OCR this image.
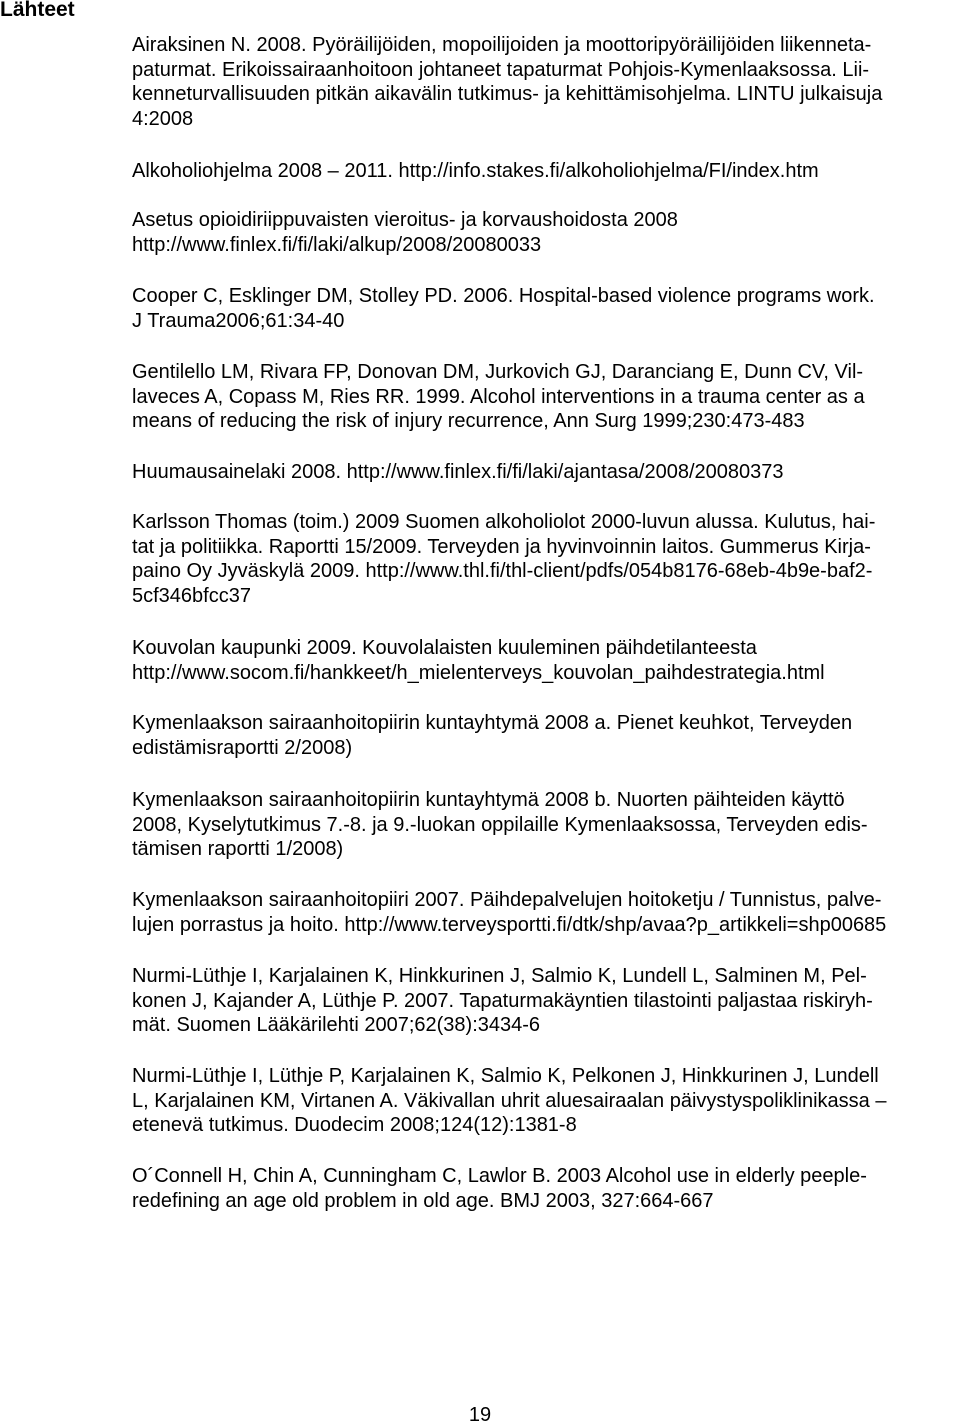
Lähteet
Airaksinen N. 2008. Pyöräilijöiden, mopoilijoiden ja moottoripyöräilijöiden liikenneta-
paturmat. Erikoissairaanhoitoon johtaneet tapaturmat Pohjois-Kymenlaaksossa. Lii-
kenneturvallisuuden pitkän aikavälin tutkimus- ja kehittämisohjelma. LINTU julkaisuja
4:2008
Alkoholiohjelma 2008 – 2011. http://info.stakes.fi/alkoholiohjelma/FI/index.htm
Asetus opioidiriippuvaisten vieroitus- ja korvaushoidosta 2008
http://www.finlex.fi/fi/laki/alkup/2008/20080033
Cooper C, Esklinger DM, Stolley PD. 2006. Hospital-based violence programs work.
J Trauma2006;61:34-40
Gentilello LM, Rivara FP, Donovan DM, Jurkovich GJ, Daranciang E, Dunn CV, Vil-
laveces A, Copass M, Ries RR. 1999. Alcohol interventions in a trauma center as a
means of reducing the risk of injury recurrence, Ann Surg 1999;230:473-483
Huumausainelaki 2008. http://www.finlex.fi/fi/laki/ajantasa/2008/20080373
Karlsson Thomas (toim.) 2009 Suomen alkoholiolot 2000-luvun alussa. Kulutus, hai-
tat ja politiikka. Raportti 15/2009. Terveyden ja hyvinvoinnin laitos. Gummerus Kirja-
paino Oy Jyväskylä 2009. http://www.thl.fi/thl-client/pdfs/054b8176-68eb-4b9e-baf2-
5cf346bfcc37
Kouvolan kaupunki 2009. Kouvolalaisten kuuleminen päihdetilanteesta
http://www.socom.fi/hankkeet/h_mielenterveys_kouvolan_paihdestrategia.html
Kymenlaakson sairaanhoitopiirin kuntayhtymä 2008 a. Pienet keuhkot, Terveyden
edistämisraportti 2/2008)
Kymenlaakson sairaanhoitopiirin kuntayhtymä 2008 b. Nuorten päihteiden käyttö
2008, Kyselytutkimus 7.-8. ja 9.-luokan oppilaille Kymenlaaksossa, Terveyden edis-
tämisen raportti 1/2008)
Kymenlaakson sairaanhoitopiiri 2007. Päihdepalvelujen hoitoketju / Tunnistus, palve-
lujen porrastus ja hoito. http://www.terveysportti.fi/dtk/shp/avaa?p_artikkeli=shp00685
Nurmi-Lüthje I, Karjalainen K, Hinkkurinen J, Salmio K, Lundell L, Salminen M, Pel-
konen J, Kajander A, Lüthje P. 2007. Tapaturmakäyntien tilastointi paljastaa riskiryh-
mät. Suomen Lääkärilehti 2007;62(38):3434-6
Nurmi-Lüthje I, Lüthje P, Karjalainen K, Salmio K, Pelkonen J, Hinkkurinen J, Lundell
L, Karjalainen KM, Virtanen A. Väkivallan uhrit aluesairaalan päivystyspoliklinikassa –
etenevä tutkimus. Duodecim 2008;124(12):1381-8
O´Connell H, Chin A, Cunningham C, Lawlor B. 2003 Alcohol use in elderly peeple-
redefining an age old problem in old age. BMJ 2003, 327:664-667
19
